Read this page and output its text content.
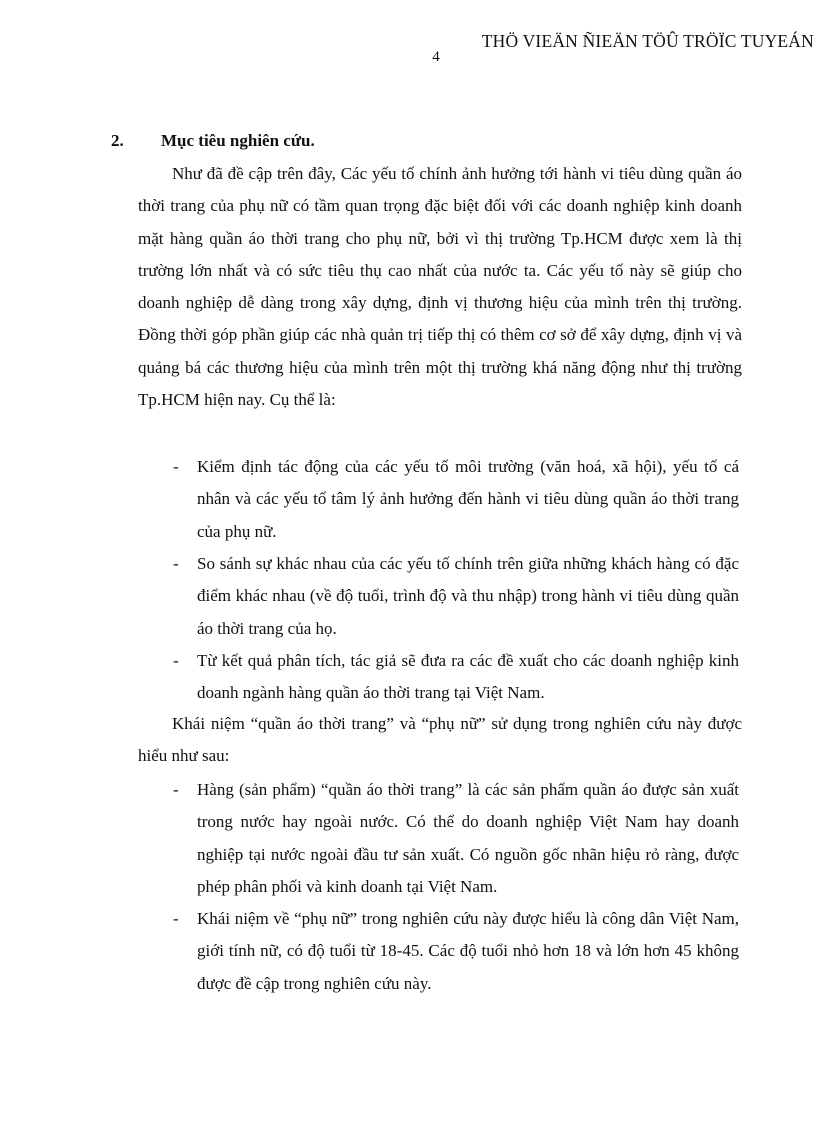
THÖ VIEÄN ÑIEÄN TÖÛ TRÖÏC TUYEÁN
4
2. Mục tiêu nghiên cứu.

Như đã đề cập trên đây, Các yếu tố chính ảnh hưởng tới hành vi tiêu dùng quần áo thời trang của phụ nữ có tầm quan trọng đặc biệt đối với các doanh nghiệp kinh doanh mặt hàng quần áo thời trang cho phụ nữ, bởi vì thị trường Tp.HCM được xem là thị trường lớn nhất và có sức tiêu thụ cao nhất của nước ta. Các yếu tố này sẽ giúp cho doanh nghiệp dễ dàng trong xây dựng, định vị thương hiệu của mình trên thị trường. Đồng thời góp phần giúp các nhà quản trị tiếp thị có thêm cơ sở để xây dựng, định vị và quảng bá các thương hiệu của mình trên một thị trường khá năng động như thị trường Tp.HCM hiện nay. Cụ thể là:

-	Kiểm định tác động của các yếu tố môi trường (văn hoá, xã hội), yếu tố cá nhân và các yếu tố tâm lý ảnh hưởng đến hành vi tiêu dùng quần áo thời trang của phụ nữ.
-	So sánh sự khác nhau của các yếu tố chính trên giữa những khách hàng có đặc điểm khác nhau (về độ tuổi, trình độ và thu nhập) trong hành vi tiêu dùng quần áo thời trang của họ.
-	Từ kết quả phân tích, tác giả sẽ đưa ra các đề xuất cho các doanh nghiệp kinh doanh ngành hàng quần áo thời trang tại Việt Nam.

Khái niệm “quần áo thời trang” và “phụ nữ” sử dụng trong nghiên cứu này được hiểu như sau:

-	Hàng (sản phẩm) “quần áo thời trang” là các sản phẩm quần áo được sản xuất trong nước hay ngoài nước. Có thể do doanh nghiệp Việt Nam hay doanh nghiệp tại nước ngoài đầu tư sản xuất. Có nguồn gốc nhãn hiệu rỏ ràng, được phép phân phối và kinh doanh tại Việt Nam.
-	Khái niệm về “phụ nữ” trong nghiên cứu này được hiểu là công dân Việt Nam, giới tính nữ, có độ tuổi từ 18-45. Các độ tuổi nhỏ hơn 18 và lớn hơn 45 không được đề cập trong nghiên cứu này.
